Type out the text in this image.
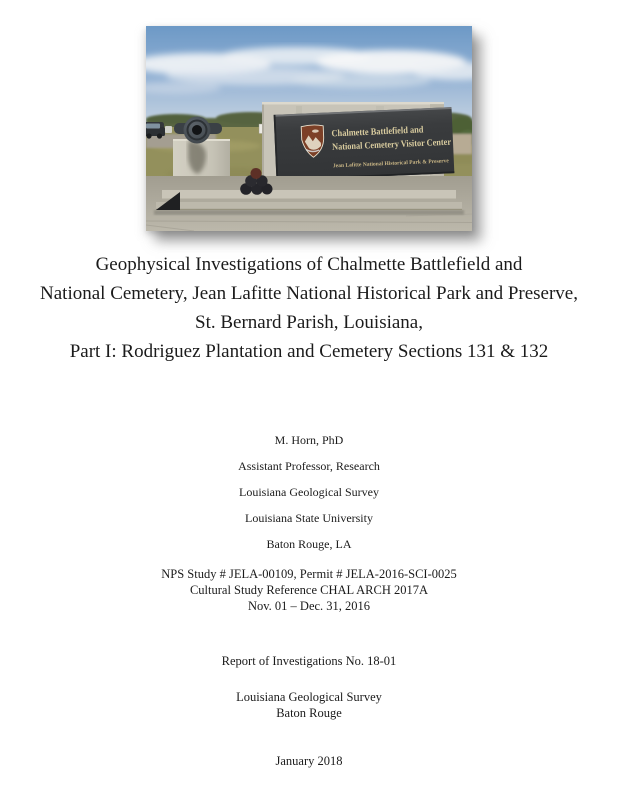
Chalmette Battlefield and
National Cemetery Visitor Center
Jean Lafitte National Historical Park & Preserve
Geophysical Investigations of Chalmette Battlefield and
National Cemetery, Jean Lafitte National Historical Park and Preserve,
St. Bernard Parish, Louisiana,
Part I: Rodriguez Plantation and Cemetery Sections 131 & 132
M. Horn, PhD
Assistant Professor, Research
Louisiana Geological Survey
Louisiana State University
Baton Rouge, LA
NPS Study # JELA-00109, Permit # JELA-2016-SCI-0025
Cultural Study Reference CHAL ARCH 2017A
Nov. 01 – Dec. 31, 2016
Report of Investigations No. 18-01
Louisiana Geological Survey
Baton Rouge
January 2018
